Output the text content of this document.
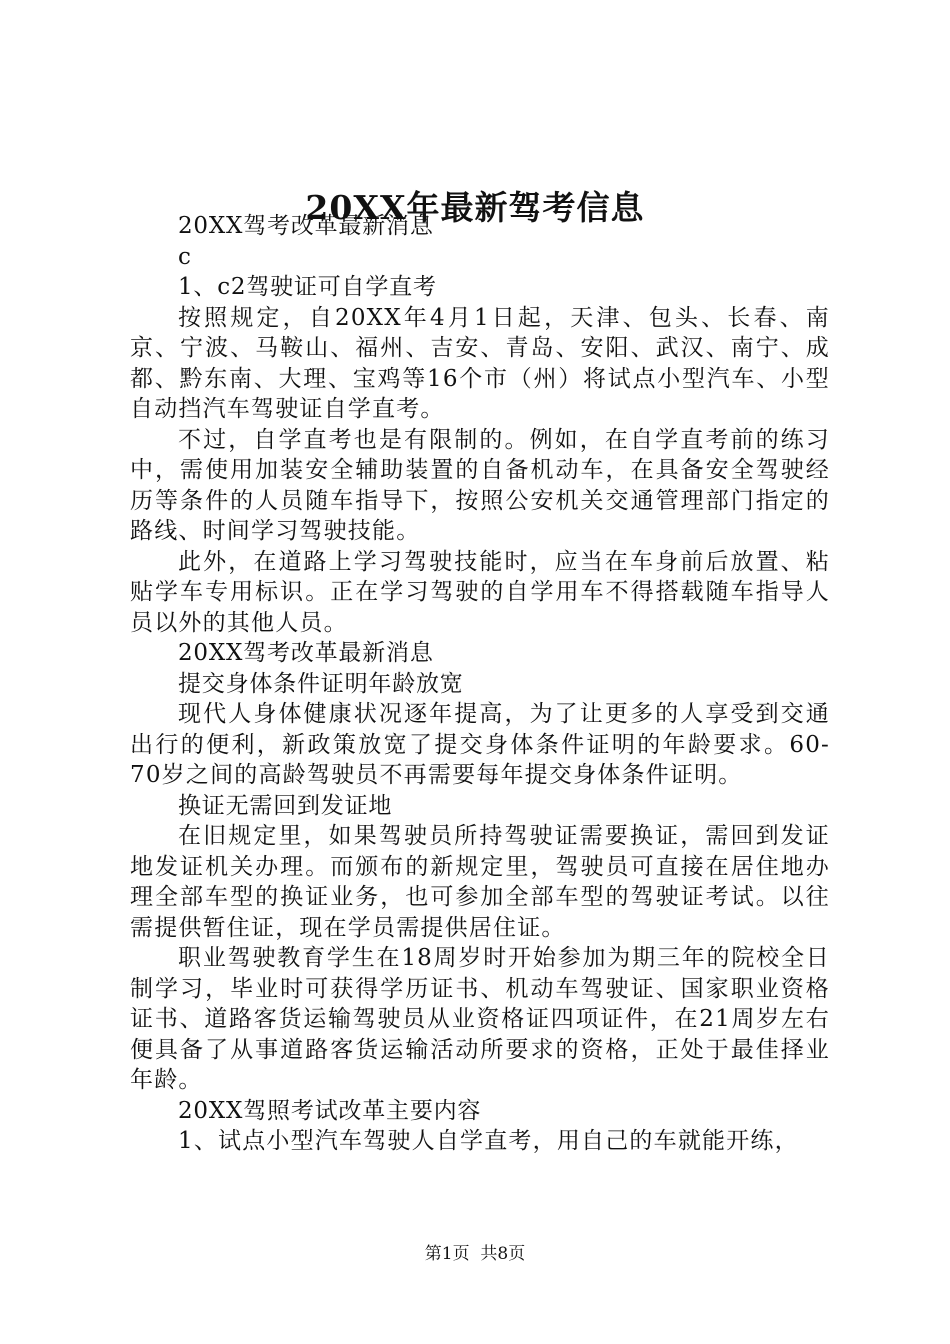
20XX年最新驾考信息

20XX驾考改革最新消息

c

1、c2驾驶证可自学直考

按照规定，自20XX年4月1日起，天津、包头、长春、南京、宁波、马鞍山、福州、吉安、青岛、安阳、武汉、南宁、成都、黔东南、大理、宝鸡等16个市（州）将试点小型汽车、小型自动挡汽车驾驶证自学直考。

不过，自学直考也是有限制的。例如，在自学直考前的练习中，需使用加装安全辅助装置的自备机动车，在具备安全驾驶经历等条件的人员随车指导下，按照公安机关交通管理部门指定的路线、时间学习驾驶技能。

此外，在道路上学习驾驶技能时，应当在车身前后放置、粘贴学车专用标识。正在学习驾驶的自学用车不得搭载随车指导人员以外的其他人员。

20XX驾考改革最新消息

提交身体条件证明年龄放宽

现代人身体健康状况逐年提高，为了让更多的人享受到交通出行的便利，新政策放宽了提交身体条件证明的年龄要求。60-70岁之间的高龄驾驶员不再需要每年提交身体条件证明。

换证无需回到发证地

在旧规定里，如果驾驶员所持驾驶证需要换证，需回到发证地发证机关办理。而颁布的新规定里，驾驶员可直接在居住地办理全部车型的换证业务，也可参加全部车型的驾驶证考试。以往需提供暂住证，现在学员需提供居住证。

职业驾驶教育学生在18周岁时开始参加为期三年的院校全日制学习，毕业时可获得学历证书、机动车驾驶证、国家职业资格证书、道路客货运输驾驶员从业资格证四项证件，在21周岁左右便具备了从事道路客货运输活动所要求的资格，正处于最佳择业年龄。

20XX驾照考试改革主要内容

1、试点小型汽车驾驶人自学直考，用自己的车就能开练，

第1页 共8页
